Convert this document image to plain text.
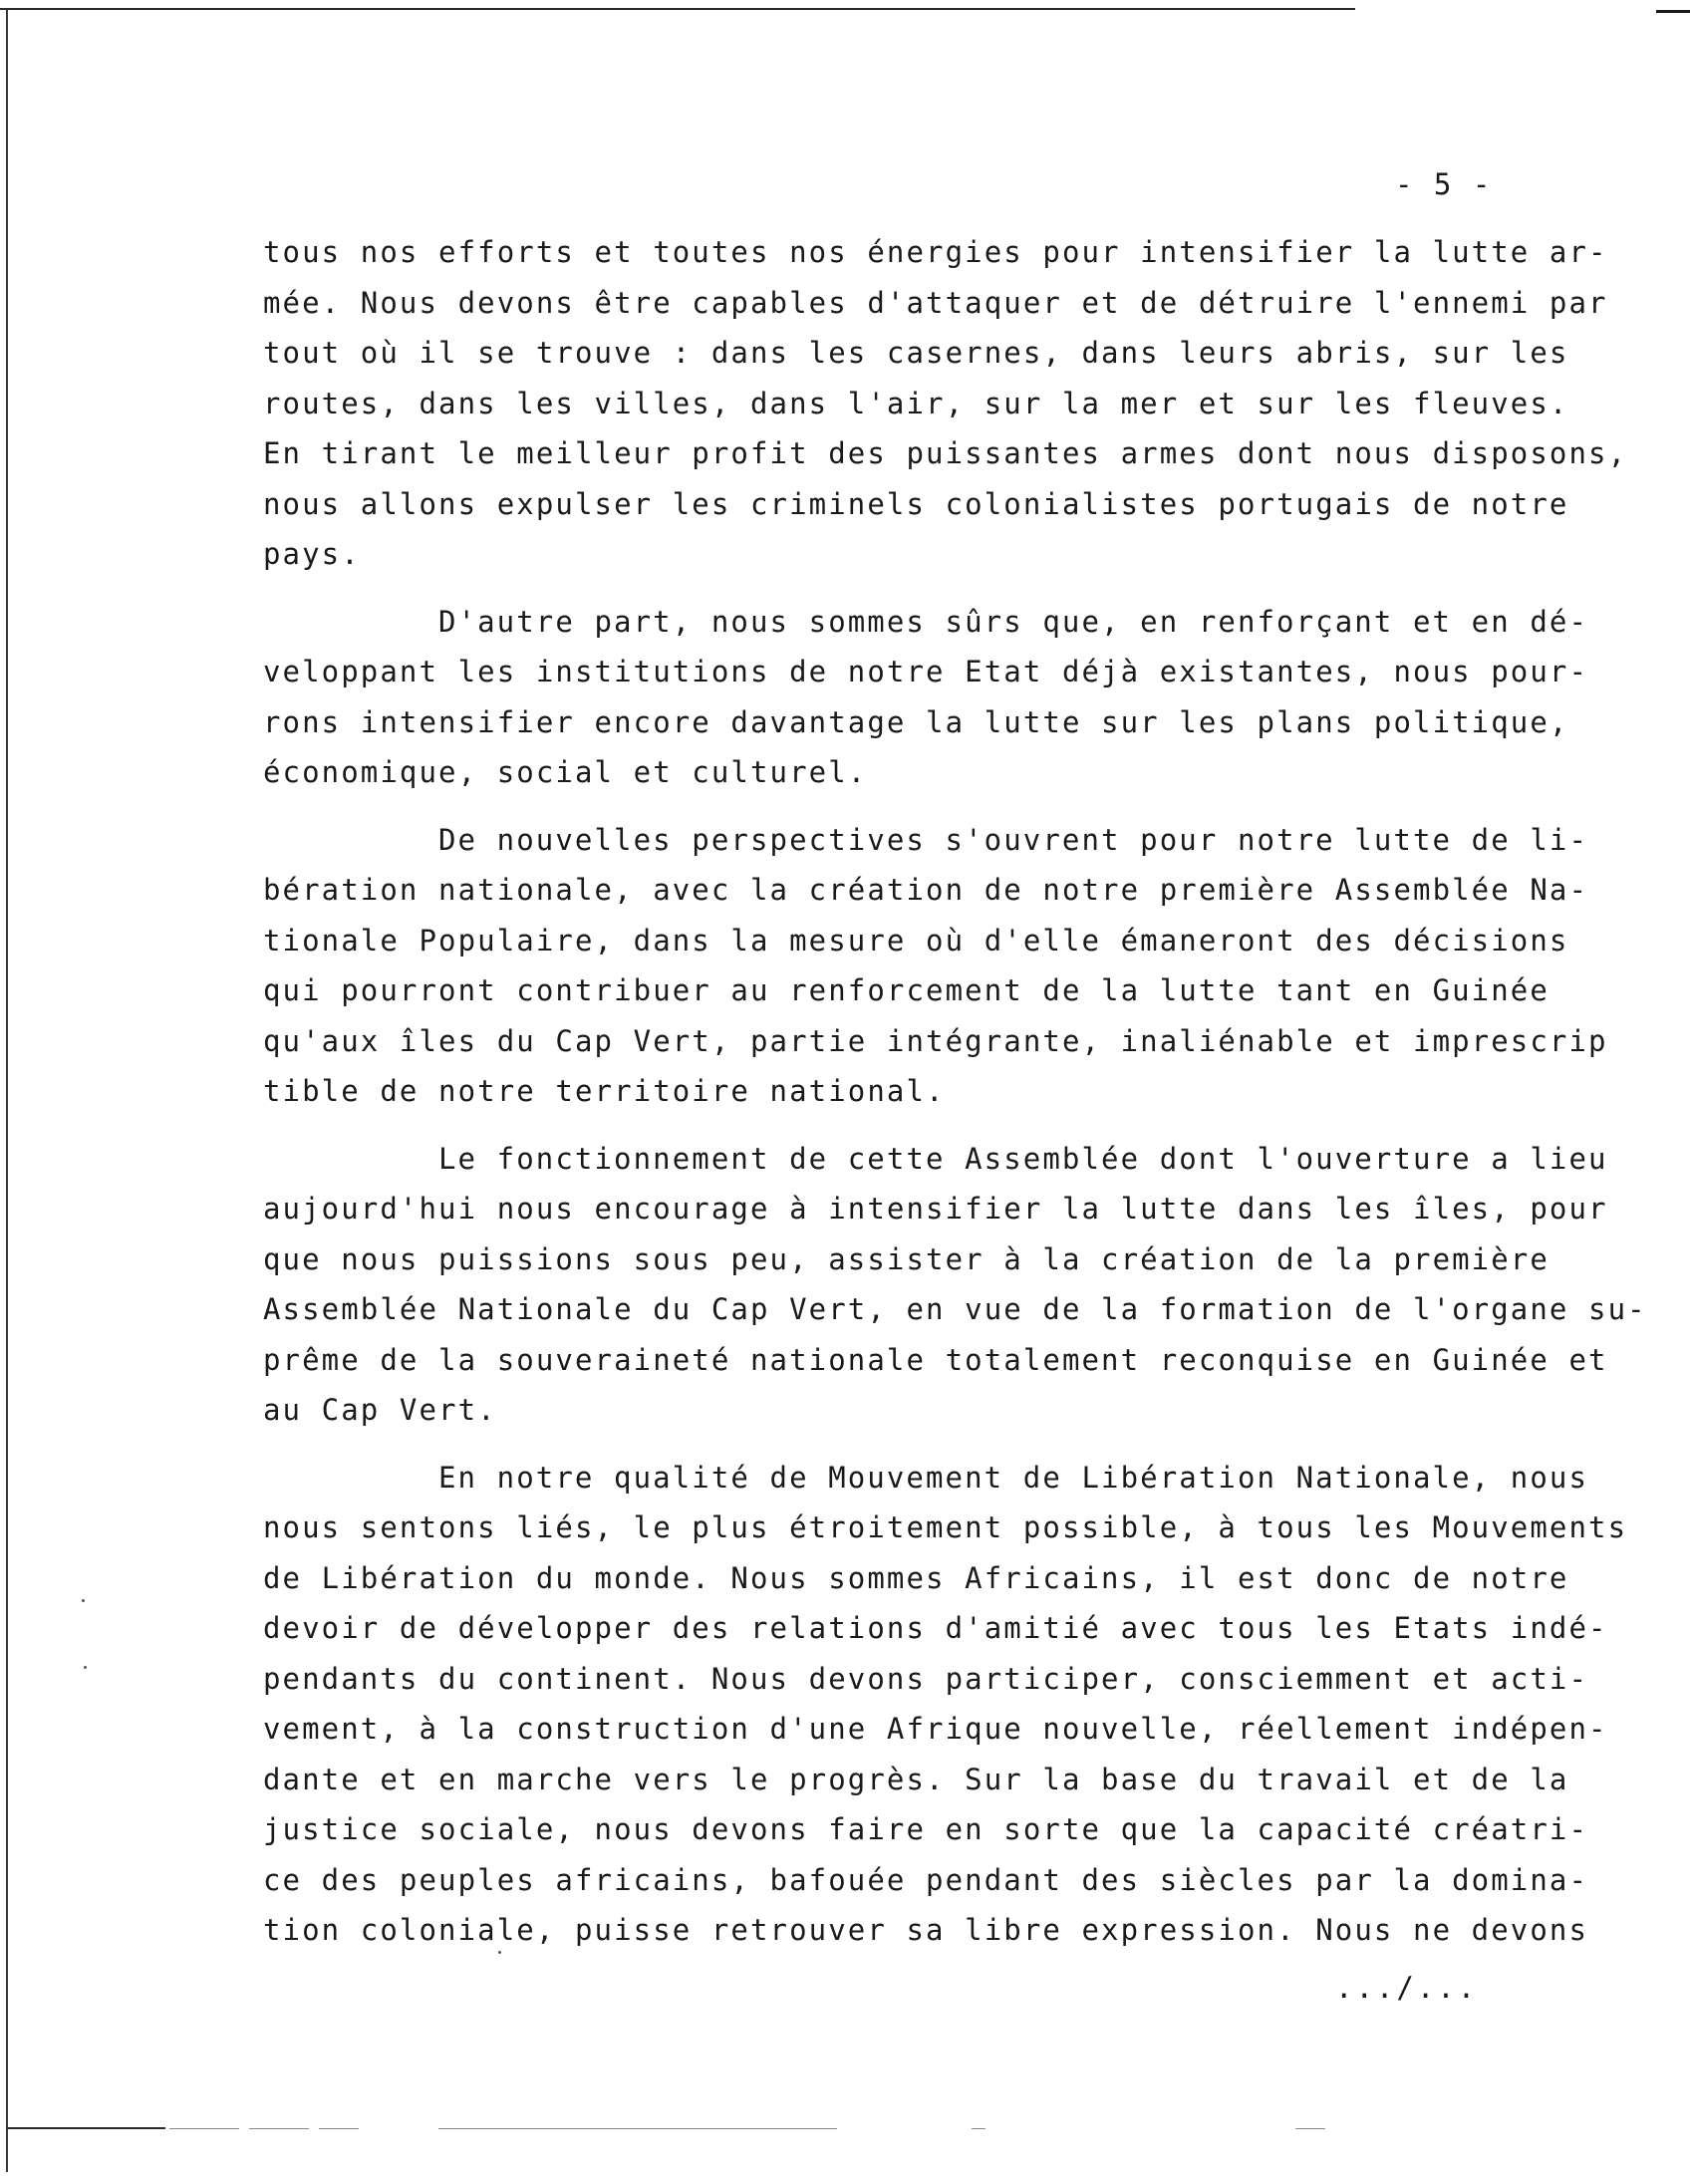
- 5 -
tous nos efforts et toutes nos énergies pour intensifier la lutte ar-
mée. Nous devons être capables d'attaquer et de détruire l'ennemi par
tout où il se trouve : dans les casernes, dans leurs abris, sur les
routes, dans les villes, dans l'air, sur la mer et sur les fleuves.
En tirant le meilleur profit des puissantes armes dont nous disposons,
nous allons expulser les criminels colonialistes portugais de notre
pays.
D'autre part, nous sommes sûrs que, en renforçant et en dé-
veloppant les institutions de notre Etat déjà existantes, nous pour-
rons intensifier encore davantage la lutte sur les plans politique,
économique, social et culturel.
De nouvelles perspectives s'ouvrent pour notre lutte de li-
bération nationale, avec la création de notre première Assemblée Na-
tionale Populaire, dans la mesure où d'elle émaneront des décisions
qui pourront contribuer au renforcement de la lutte tant en Guinée
qu'aux îles du Cap Vert, partie intégrante, inaliénable et imprescrip
tible de notre territoire national.
Le fonctionnement de cette Assemblée dont l'ouverture a lieu
aujourd'hui nous encourage à intensifier la lutte dans les îles, pour
que nous puissions sous peu, assister à la création de la première
Assemblée Nationale du Cap Vert, en vue de la formation de l'organe su-
prême de la souveraineté nationale totalement reconquise en Guinée et
au Cap Vert.
En notre qualité de Mouvement de Libération Nationale, nous
nous sentons liés, le plus étroitement possible, à tous les Mouvements
de Libération du monde. Nous sommes Africains, il est donc de notre
devoir de développer des relations d'amitié avec tous les Etats indé-
pendants du continent. Nous devons participer, consciemment et acti-
vement, à la construction d'une Afrique nouvelle, réellement indépen-
dante et en marche vers le progrès. Sur la base du travail et de la
justice sociale, nous devons faire en sorte que la capacité créatri-
ce des peuples africains, bafouée pendant des siècles par la domina-
tion coloniale, puisse retrouver sa libre expression. Nous ne devons
.../...
